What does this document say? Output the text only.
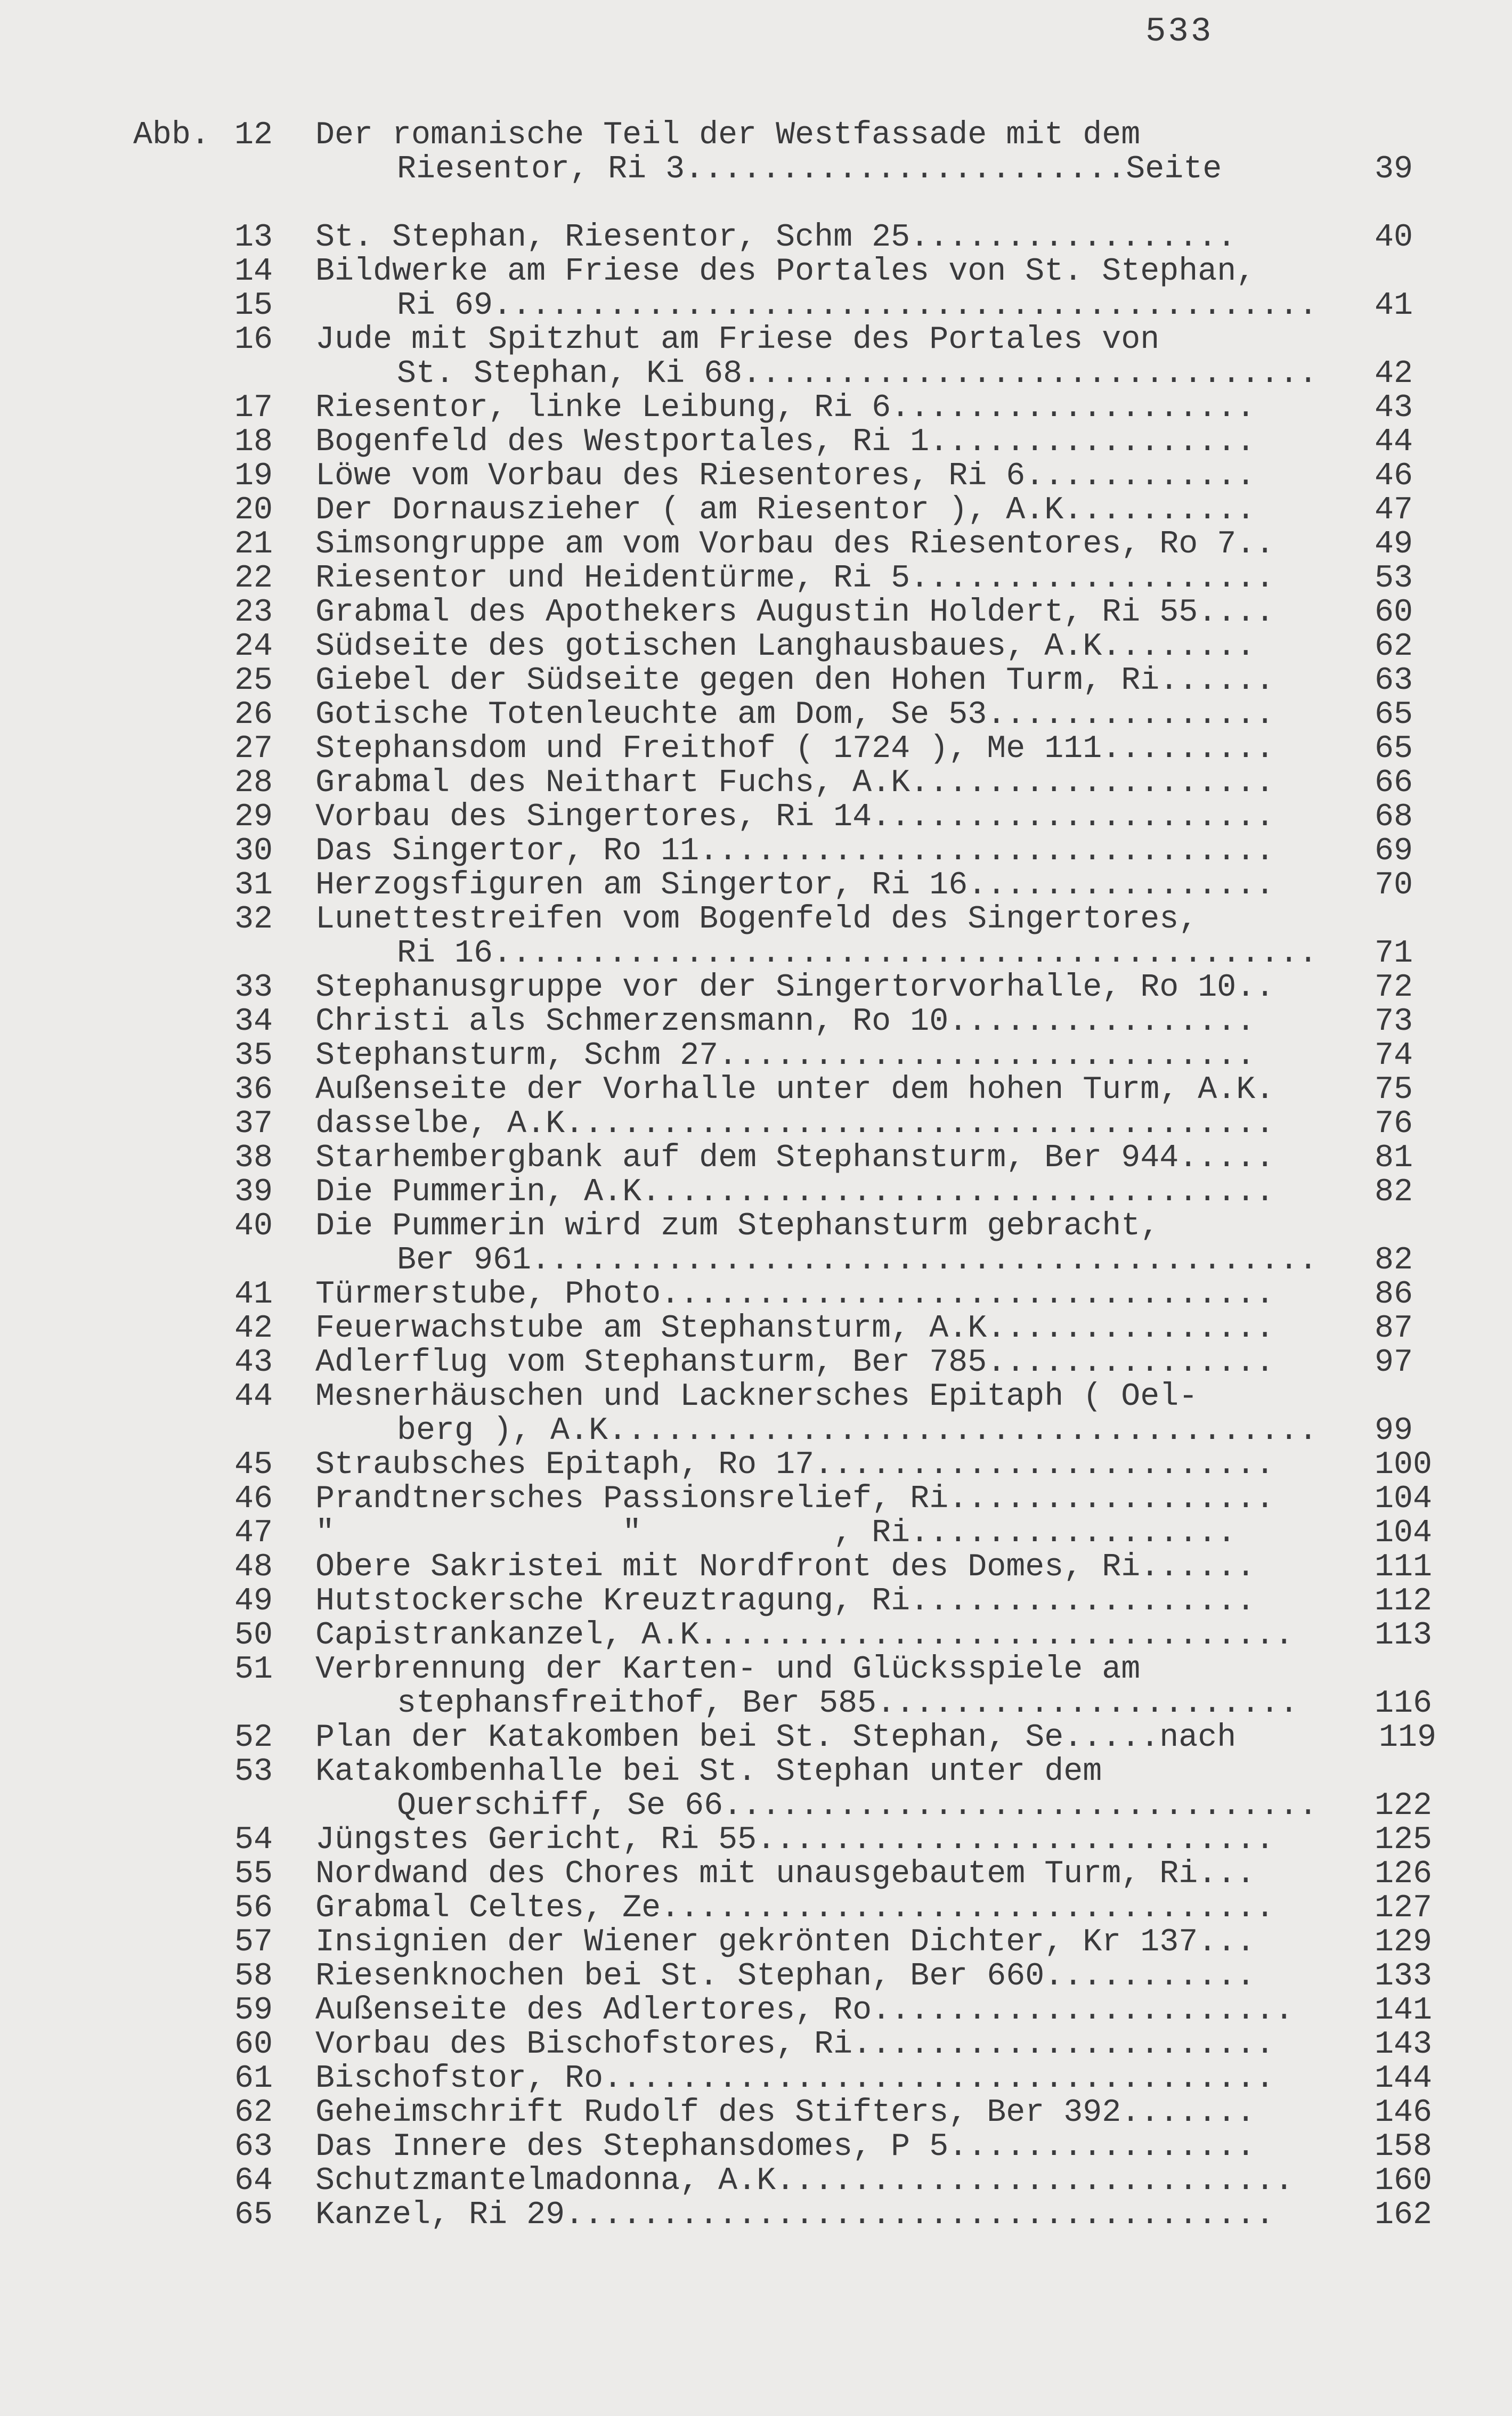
533
Abb. 12 Der romanische Teil der Westfassade mit dem
Riesentor, Ri 3.......................Seite	39
13 St. Stephan, Riesentor, Schm 25.................	40
14 Bildwerke am Friese des Portales von St. Stephan,
15	Ri 69........................................... 41
16 Jude mit Spitzhut am Friese des Portales von
St. Stephan, Ki 68.............................. 42
17 Riesentor, linke Leibung, Ri 6...................	43
18 Bogenfeld des Westportales, Ri 1.................	44
19 Löwe vom Vorbau des Riesentores, Ri 6............	46
20 Der Dornauszieher ( am Riesentor ), A.K..........	47
21 Simsongruppe am vom Vorbau des Riesentores, Ro 7..	49
22 Riesentor und Heidentürme, Ri 5...................	53
23 Grabmal des Apothekers Augustin Holdert, Ri 55....	60
24 Südseite des gotischen Langhausbaues, A.K........	62
25 Giebel der Südseite gegen den Hohen Turm, Ri......	63
26 Gotische Totenleuchte am Dom, Se 53...............	65
27 Stephansdom und Freithof ( 1724 ), Me 111.........	65
28 Grabmal des Neithart Fuchs, A.K...................	66
29 Vorbau des Singertores, Ri 14.....................	68
30 Das Singertor, Ro 11..............................	69
31 Herzogsfiguren am Singertor, Ri 16................	70
32 Lunettestreifen vom Bogenfeld des Singertores,
Ri 16........................................... 71
33 Stephanusgruppe vor der Singertorvorhalle, Ro 10..	72
34 Christi als Schmerzensmann, Ro 10................	73
35 Stephansturm, Schm 27............................	74
36 Außenseite der Vorhalle unter dem hohen Turm, A.K.	75
37 dasselbe, A.K.....................................	76
38 Starhembergbank auf dem Stephansturm, Ber 944.....	81
39 Die Pummerin, A.K.................................	82
40 Die Pummerin wird zum Stephansturm gebracht,
Ber 961......................................... 82
41 Türmerstube, Photo................................	86
42 Feuerwachstube am Stephansturm, A.K...............	87
43 Adlerflug vom Stephansturm, Ber 785...............	97
44 Mesnerhäuschen und Lacknersches Epitaph ( Oel-
berg ), A.K..................................... 99
45 Straubsches Epitaph, Ro 17........................	100
46 Prandtnersches Passionsrelief, Ri.................	104
47 "               "          , Ri.................	104
48 Obere Sakristei mit Nordfront des Domes, Ri......	111
49 Hutstockersche Kreuztragung, Ri..................	112
50 Capistrankanzel, A.K...............................	113
51 Verbrennung der Karten- und Glücksspiele am
stephansfreithof, Ber 585...................... 116
52 Plan der Katakomben bei St. Stephan, Se.....nach	119
53 Katakombenhalle bei St. Stephan unter dem
Querschiff, Se 66............................... 122
54 Jüngstes Gericht, Ri 55...........................	125
55 Nordwand des Chores mit unausgebautem Turm, Ri...	126
56 Grabmal Celtes, Ze................................	127
57 Insignien der Wiener gekrönten Dichter, Kr 137...	129
58 Riesenknochen bei St. Stephan, Ber 660...........	133
59 Außenseite des Adlertores, Ro......................	141
60 Vorbau des Bischofstores, Ri......................	143
61 Bischofstor, Ro...................................	144
62 Geheimschrift Rudolf des Stifters, Ber 392.......	146
63 Das Innere des Stephansdomes, P 5................	158
64 Schutzmantelmadonna, A.K...........................	160
65 Kanzel, Ri 29.....................................	162
